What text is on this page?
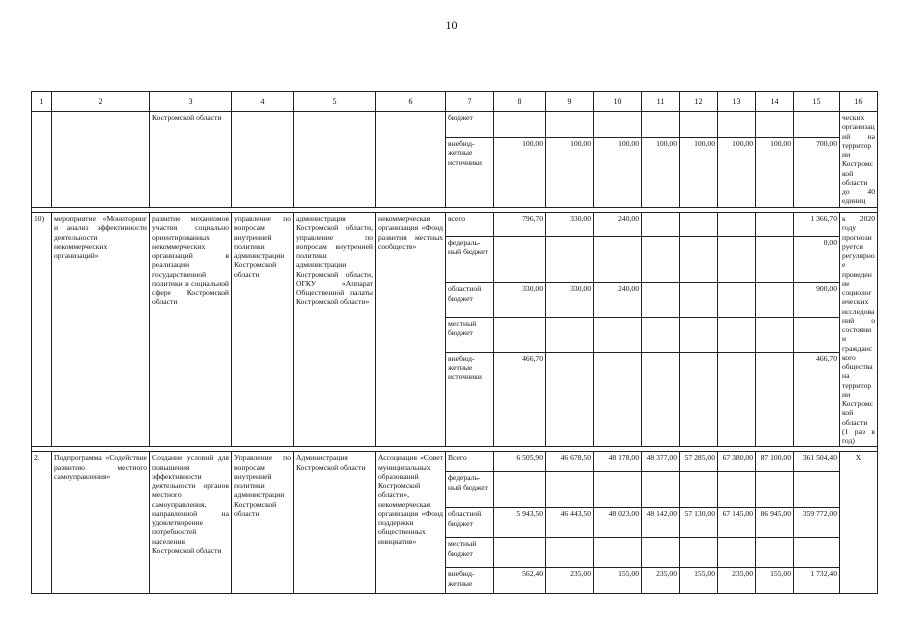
10
1	2	3	4	5	6	7	8	9	10	11	12	13	14	15	16
		Костромской области				бюджет									ческих организаций на территории Костромской области до 40 единиц
						внебюд-жетные источники	100,00	100,00	100,00	100,00	100,00	100,00	100,00	700,00	

10)	мероприятие «Мониторинг и анализ эффективности деятельности некоммерческих организаций»	развитие механизмов участия социально ориентированных некоммерческих организаций в реализации государственной политики в социальной сфере Костромской области	управление по вопросам внутренней политики администрации Костромской области	администрация Костромской области, управление по вопросам внутренней политики администрации Костромской области, ОГКУ «Аппарат Общественной палаты Костромской области»	некоммерческая организация «Фонд развития местных сообществ»	всего	796,70	330,00	240,00					1 366,70	к 2020 году прогнозируется регулярное проведение социологических исследований о состоянии гражданского общества на территории Костромской области (1 раз в год)
						федераль-ный бюджет								0,00	
						областной бюджет	330,00	330,00	240,00					900,00	
						местный бюджет									
						внебюд-жетные источники	466,70							466,70	

2.	Подпрограмма «Содействие развитию местного самоуправления»	Создание условий для повышения эффективности деятельности органов местного самоуправления, направленной на удовлетворение потребностей населения Костромской области	Управление по вопросам внутренней политики администрации Костромской области	Администрация Костромской области	Ассоциация «Совет муниципальных образований Костромской области», некоммерческая организация «Фонд поддержки общественных инициатив»	Всего	6 505,90	46 678,50	48 178,00	48 377,00	57 285,00	67 380,00	87 100,00	361 504,40	Х
						федераль-ный бюджет									
						областной бюджет	5 943,50	46 443,50	48 023,00	48 142,00	57 130,00	67 145,00	86 945,00	359 772,00	
						местный бюджет									
						внебюд-жетные	562,40	235,00	155,00	235,00	155,00	235,00	155,00	1 732,40	
